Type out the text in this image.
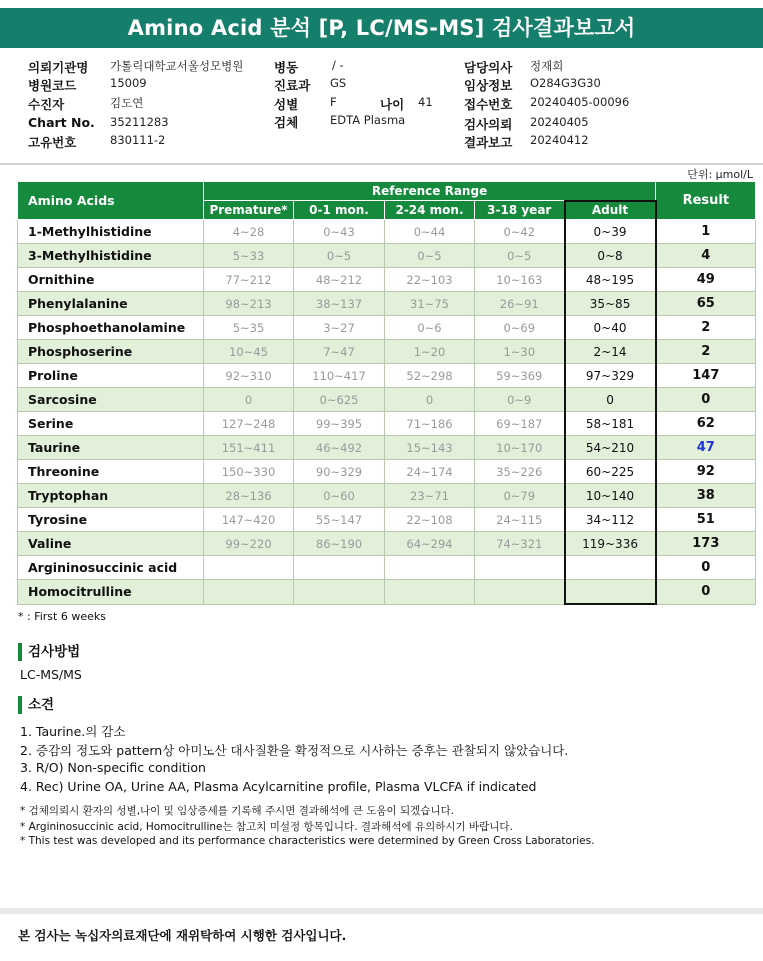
Amino Acid 분석 [P, LC/MS-MS] 검사결과보고서
의뢰기관명 가톨릭대학교서울성모병원
병원코드	15009
수진자	김도연
Chart No. 35211283
고유번호	830111-2
병동	/ -
진료과 GS
성별	F	나이 41
검체	EDTA Plasma
담당의사 정재희
임상정보 O284G3G30
접수번호 20240405-00096
검사의뢰 20240405
결과보고 20240412
단위: μmol/L
Amino Acids	Reference Range					Result
	Premature*	0-1 mon.	2-24 mon.	3-18 year	Adult	
1-Methylhistidine	4~28	0~43	0~44	0~42	0~39	1
3-Methylhistidine	5~33	0~5	0~5	0~5	0~8	4
Ornithine	77~212	48~212	22~103	10~163	48~195	49
Phenylalanine	98~213	38~137	31~75	26~91	35~85	65
Phosphoethanolamine	5~35	3~27	0~6	0~69	0~40	2
Phosphoserine	10~45	7~47	1~20	1~30	2~14	2
Proline	92~310	110~417	52~298	59~369	97~329	147
Sarcosine	0	0~625	0	0~9	0	0
Serine	127~248	99~395	71~186	69~187	58~181	62
Taurine	151~411	46~492	15~143	10~170	54~210	47
Threonine	150~330	90~329	24~174	35~226	60~225	92
Tryptophan	28~136	0~60	23~71	0~79	10~140	38
Tyrosine	147~420	55~147	22~108	24~115	34~112	51
Valine	99~220	86~190	64~294	74~321	119~336	173
Argininosuccinic acid						0
Homocitrulline						0
* : First 6 weeks
검사방법
LC-MS/MS
소견
1. Taurine.의 감소
2. 증감의 정도와 pattern상 아미노산 대사질환을 확정적으로 시사하는 증후는 관찰되지 않았습니다.
3. R/O) Non-specific condition
4. Rec) Urine OA, Urine AA, Plasma Acylcarnitine profile, Plasma VLCFA if indicated
* 검체의뢰시 환자의 성별,나이 및 임상증세를 기록해 주시면 결과해석에 큰 도움이 되겠습니다.
* Argininosuccinic acid, Homocitrulline는 참고치 미설정 항목입니다. 결과해석에 유의하시기 바랍니다.
* This test was developed and its performance characteristics were determined by Green Cross Laboratories.
본 검사는 녹십자의료재단에 재위탁하여 시행한 검사입니다.
